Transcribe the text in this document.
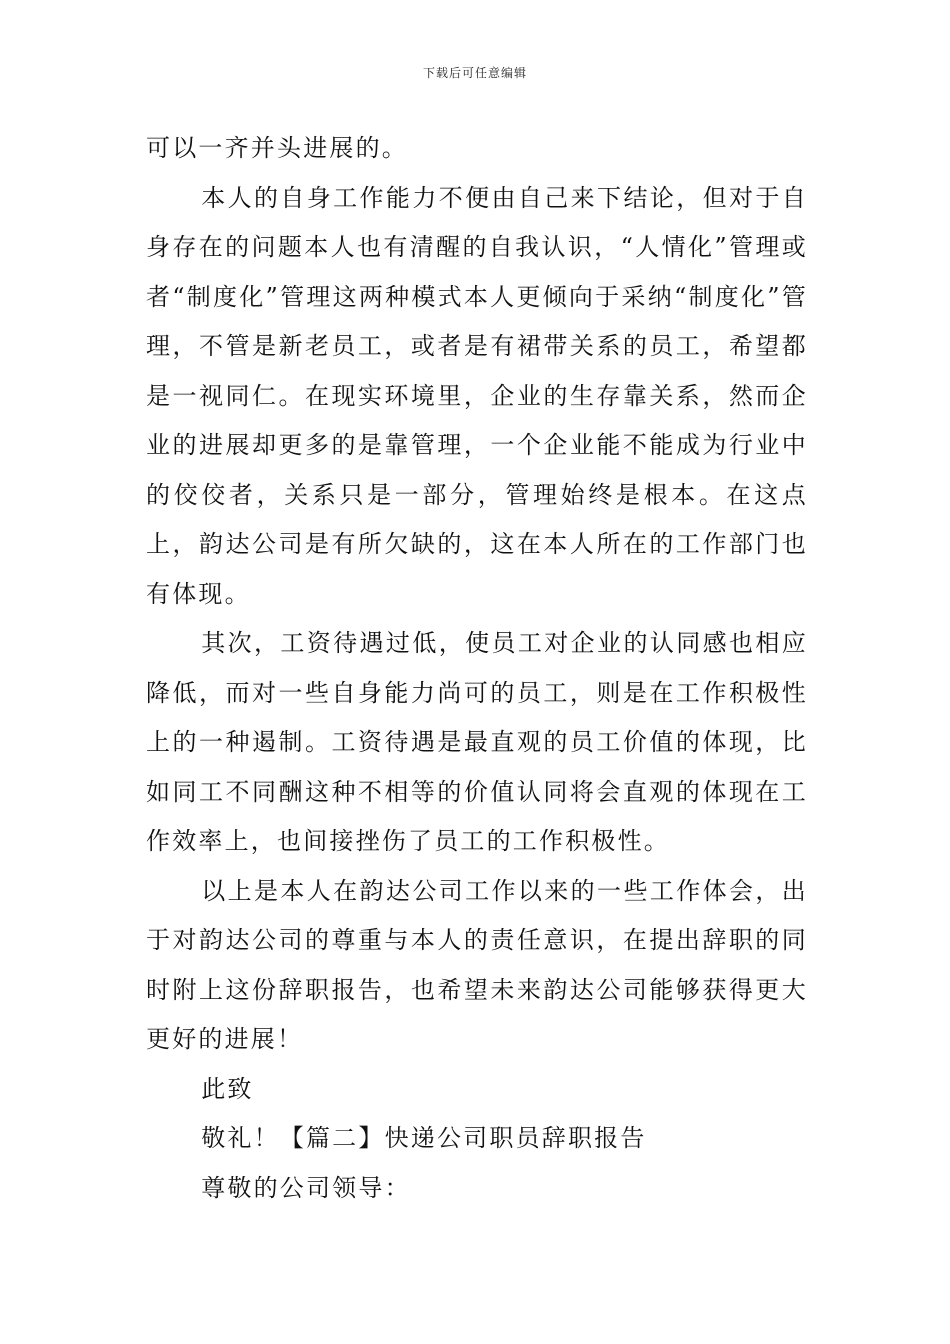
下载后可任意编辑

可以一齐并头进展的。

本人的自身工作能力不便由自己来下结论，但对于自身存在的问题本人也有清醒的自我认识，“人情化”管理或者“制度化”管理这两种模式本人更倾向于采纳“制度化”管理，不管是新老员工，或者是有裙带关系的员工，希望都是一视同仁。在现实环境里，企业的生存靠关系，然而企业的进展却更多的是靠管理，一个企业能不能成为行业中的佼佼者，关系只是一部分，管理始终是根本。在这点上，韵达公司是有所欠缺的，这在本人所在的工作部门也有体现。

其次，工资待遇过低，使员工对企业的认同感也相应降低，而对一些自身能力尚可的员工，则是在工作积极性上的一种遏制。工资待遇是最直观的员工价值的体现，比如同工不同酬这种不相等的价值认同将会直观的体现在工作效率上，也间接挫伤了员工的工作积极性。

以上是本人在韵达公司工作以来的一些工作体会，出于对韵达公司的尊重与本人的责任意识，在提出辞职的同时附上这份辞职报告，也希望未来韵达公司能够获得更大更好的进展！

此致

敬礼！【篇二】快递公司职员辞职报告

尊敬的公司领导：
